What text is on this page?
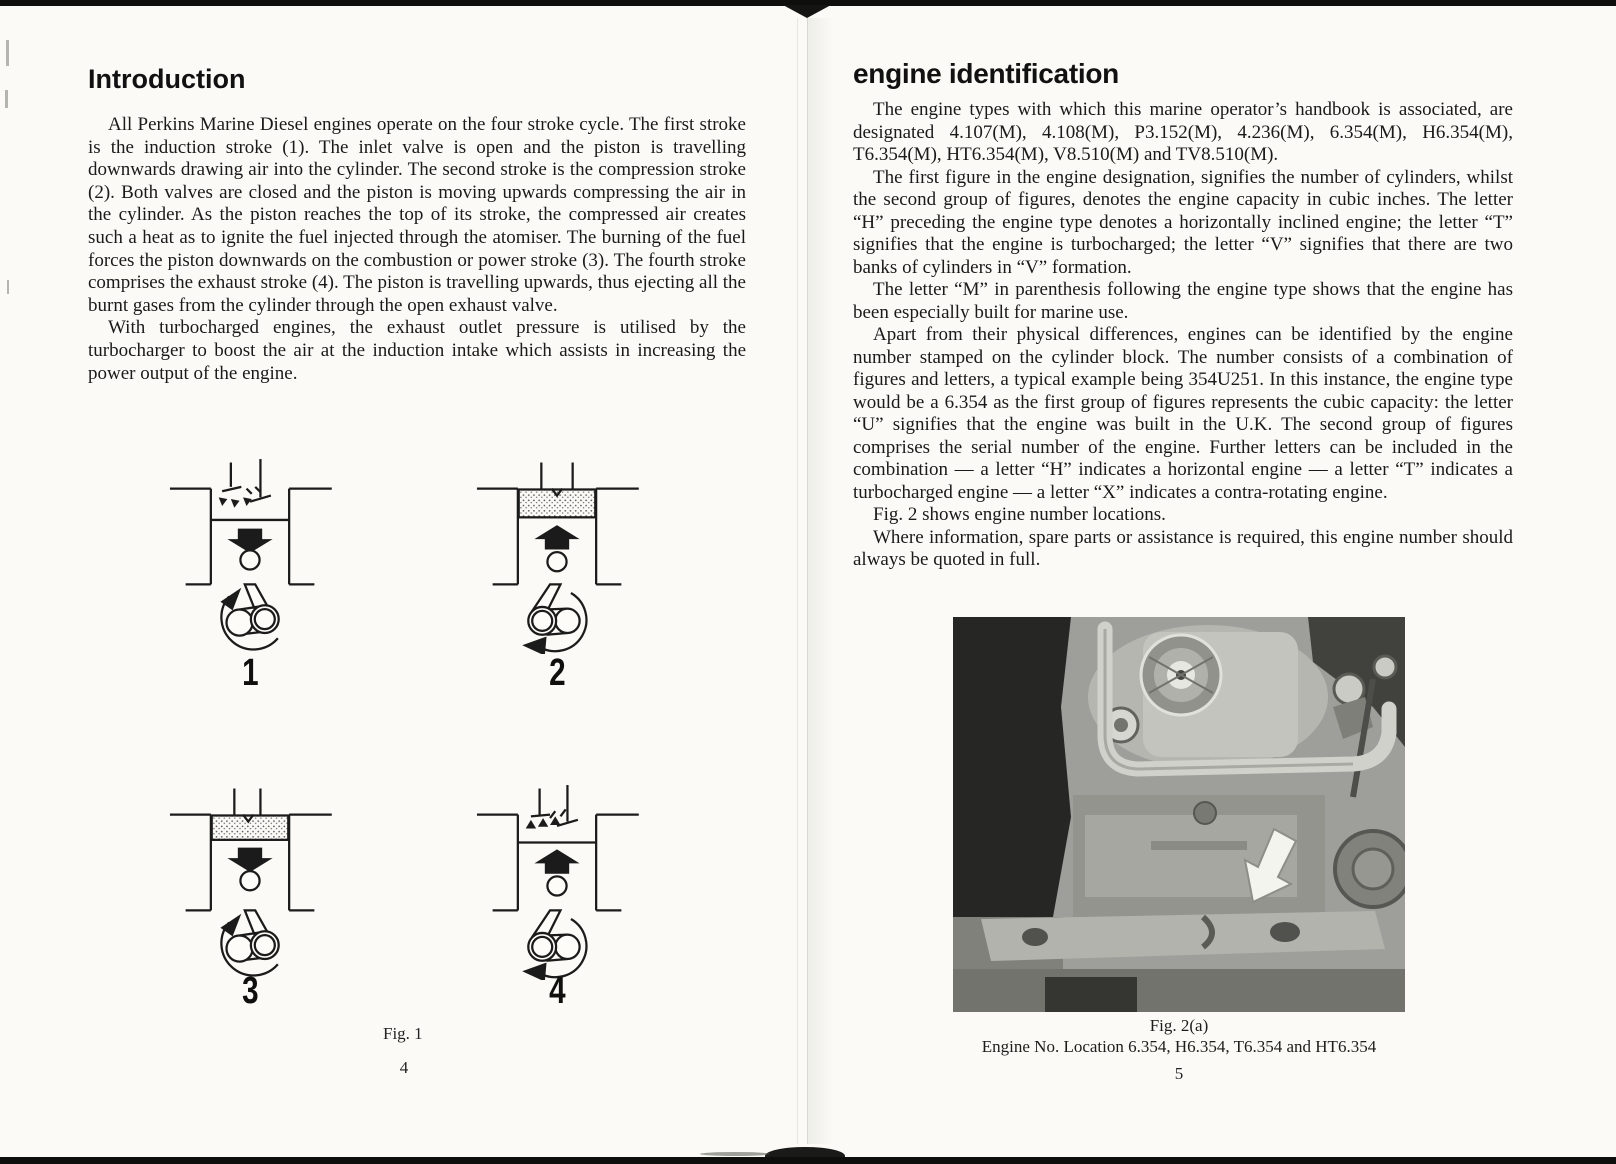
Introduction

All Perkins Marine Diesel engines operate on the four stroke cycle. The first stroke is the induction stroke (1). The inlet valve is open and the piston is travelling downwards drawing air into the cylinder. The second stroke is the compression stroke (2). Both valves are closed and the piston is moving upwards compressing the air in the cylinder. As the piston reaches the top of its stroke, the compressed air creates such a heat as to ignite the fuel injected through the atomiser. The burning of the fuel forces the piston downwards on the combustion or power stroke (3). The fourth stroke comprises the exhaust stroke (4). The piston is travelling upwards, thus ejecting all the burnt gases from the cylinder through the open exhaust valve.

With turbocharged engines, the exhaust outlet pressure is utilised by the turbocharger to boost the air at the induction intake which assists in increasing the power output of the engine.

1	2
3	4
Fig. 1
4
engine identification

The engine types with which this marine operator’s handbook is associated, are designated 4.107(M), 4.108(M), P3.152(M), 4.236(M), 6.354(M), H6.354(M), T6.354(M), HT6.354(M), V8.510(M) and TV8.510(M).

The first figure in the engine designation, signifies the number of cylinders, whilst the second group of figures, denotes the engine capacity in cubic inches. The letter “H” preceding the engine type denotes a horizontally inclined engine; the letter “T” signifies that the engine is turbocharged; the letter “V” signifies that there are two banks of cylinders in “V” formation.

The letter “M” in parenthesis following the engine type shows that the engine has been especially built for marine use.

Apart from their physical differences, engines can be identified by the engine number stamped on the cylinder block. The number consists of a combination of figures and letters, a typical example being 354U251. In this instance, the engine type would be a 6.354 as the first group of figures represents the cubic capacity: the letter “U” signifies that the engine was built in the U.K. The second group of figures comprises the serial number of the engine. Further letters can be included in the combination — a letter “H” indicates a horizontal engine — a letter “T” indicates a turbocharged engine — a letter “X” indicates a contra-rotating engine.

Fig. 2 shows engine number locations.

Where information, spare parts or assistance is required, this engine number should always be quoted in full.

Fig. 2(a)
Engine No. Location 6.354, H6.354, T6.354 and HT6.354
5
